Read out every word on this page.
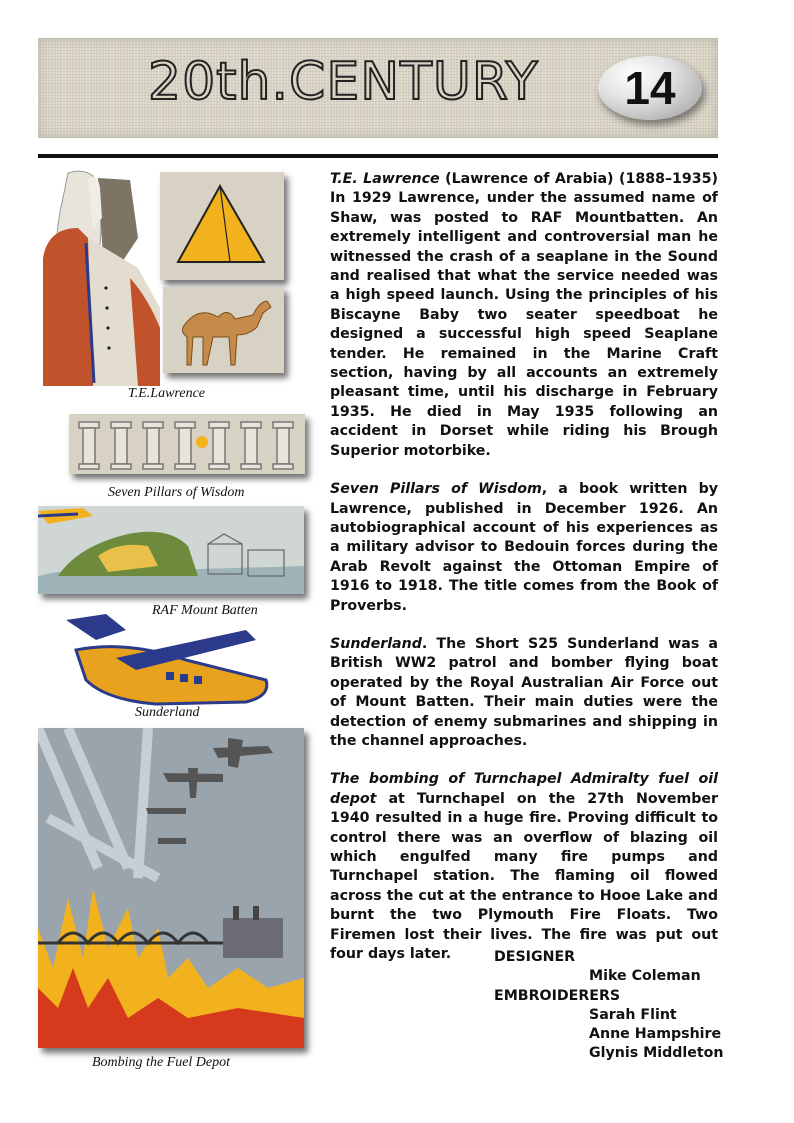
20th.CENTURY	14
T.E.Lawrence
Seven Pillars of Wisdom
RAF Mount Batten
Sunderland
Bombing the Fuel Depot

T.E. Lawrence (Lawrence of Arabia) (1888–1935) In 1929 Lawrence, under the assumed name of Shaw, was posted to RAF Mountbatten. An extremely intelligent and controversial man he witnessed the crash of a seaplane in the Sound and realised that what the service needed was a high speed launch. Using the principles of his Biscayne Baby two seater speedboat he designed a successful high speed Seaplane tender. He remained in the Marine Craft section, having by all accounts an extremely pleasant time, until his discharge in February 1935. He died in May 1935 following an accident in Dorset while riding his Brough Superior motorbike.

Seven Pillars of Wisdom, a book written by Lawrence, published in December 1926. An autobiographical account of his experiences as a military advisor to Bedouin forces during the Arab Revolt against the Ottoman Empire of 1916 to 1918. The title comes from the Book of Proverbs.

Sunderland. The Short S25 Sunderland was a British WW2 patrol and bomber flying boat operated by the Royal Australian Air Force out of Mount Batten. Their main duties were the detection of enemy submarines and shipping in the channel approaches.

The bombing of Turnchapel Admiralty fuel oil depot at Turnchapel on the 27th November 1940 resulted in a huge fire. Proving difficult to control there was an overflow of blazing oil which engulfed many fire pumps and Turnchapel station. The flaming oil flowed across the cut at the entrance to Hooe Lake and burnt the two Plymouth Fire Floats. Two Firemen lost their lives. The fire was put out four days later.	DESIGNER
Mike Coleman
EMBROIDERERS
Sarah Flint
Anne Hampshire
Glynis Middleton
